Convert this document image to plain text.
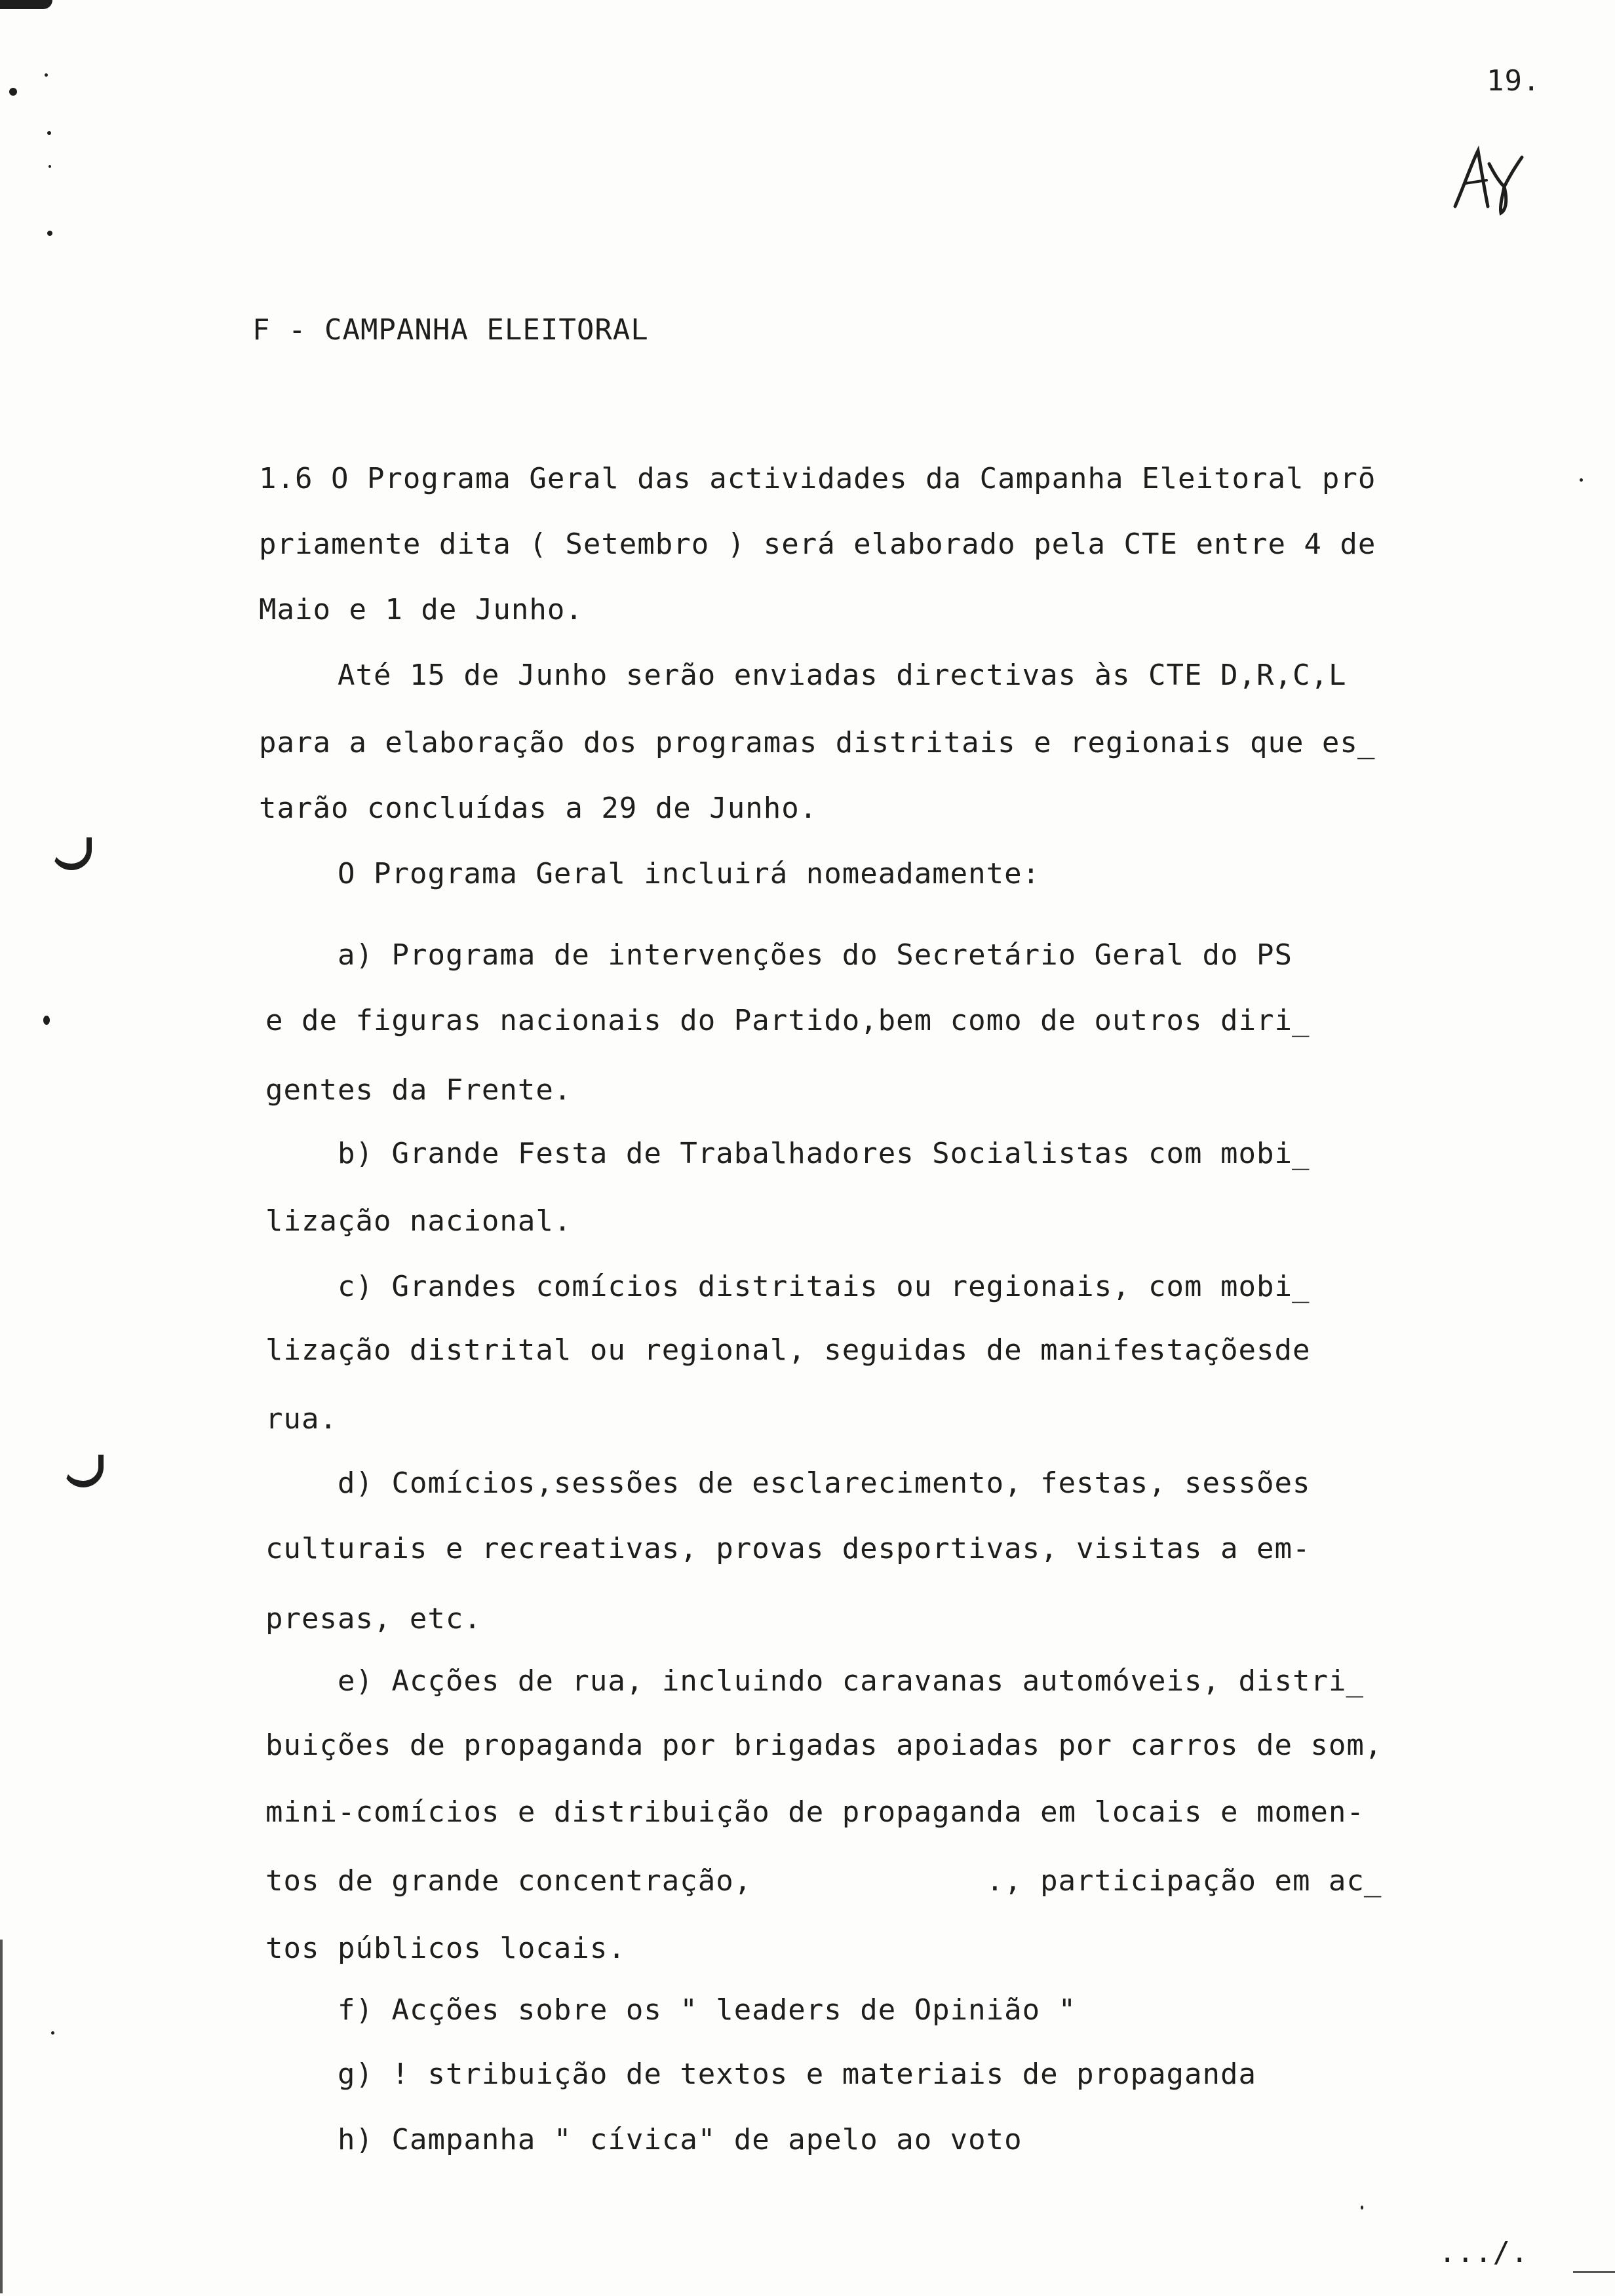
19.
F - CAMPANHA ELEITORAL
1.6 O Programa Geral das actividades da Campanha Eleitoral prō
priamente dita ( Setembro ) será elaborado pela CTE entre 4 de
Maio e 1 de Junho.
Até 15 de Junho serão enviadas directivas às CTE D,R,C,L
para a elaboração dos programas distritais e regionais que es̲
tarão concluídas a 29 de Junho.
O Programa Geral incluirá nomeadamente:
a) Programa de intervenções do Secretário Geral do PS
e de figuras nacionais do Partido,bem como de outros diri̲
gentes da Frente.
b) Grande Festa de Trabalhadores Socialistas com mobi̲
lização nacional.
c) Grandes comícios distritais ou regionais, com mobi̲
lização distrital ou regional, seguidas de manifestaçõesde
rua.
d) Comícios,sessões de esclarecimento, festas, sessões
culturais e recreativas, provas desportivas, visitas a em-
presas, etc.
e) Acções de rua, incluindo caravanas automóveis, distri̲
buições de propaganda por brigadas apoiadas por carros de som,
mini-comícios e distribuição de propaganda em locais e momen-
tos de grande concentração,             ., participação em ac̲
tos públicos locais.
f) Acções sobre os " leaders de Opinião "
g) ! stribuição de textos e materiais de propaganda
h) Campanha " cívica" de apelo ao voto
.../.
